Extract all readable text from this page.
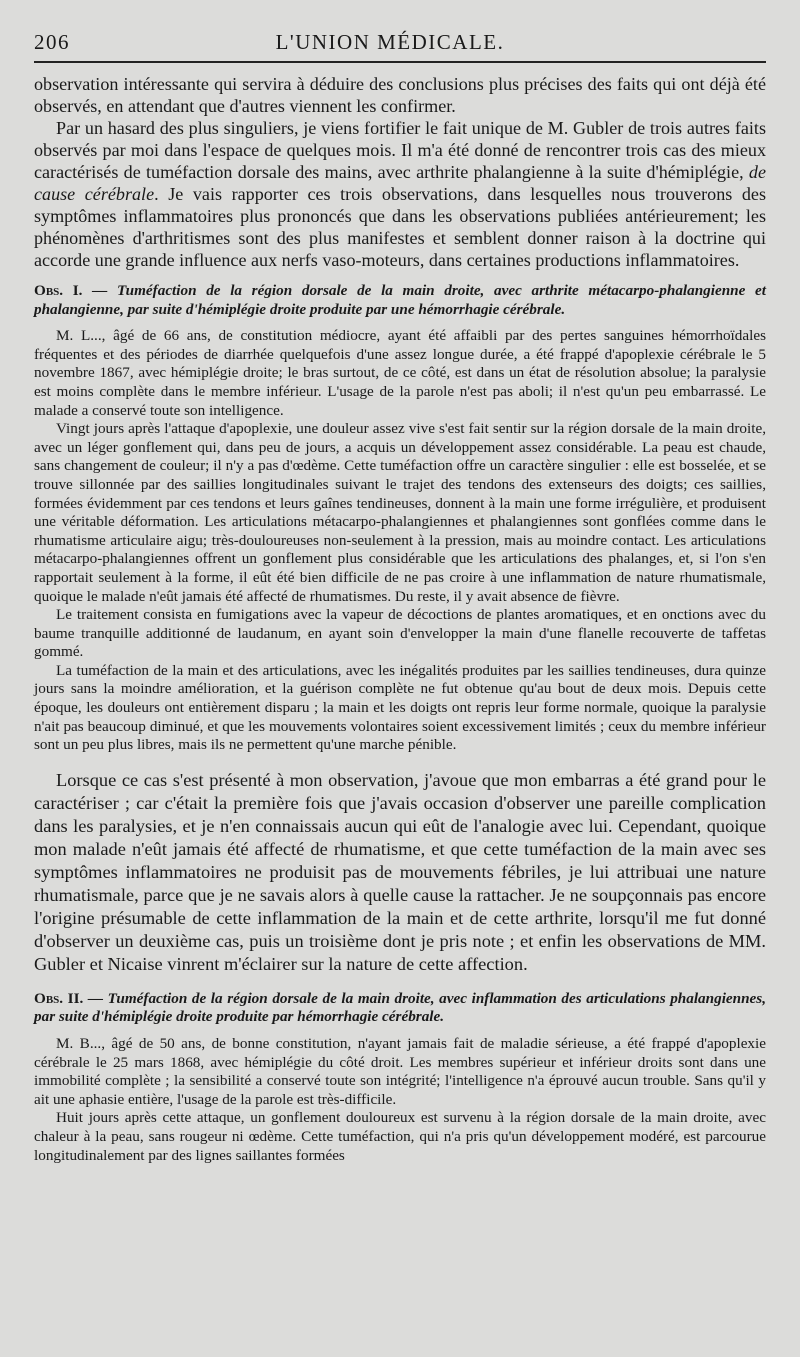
206	L'UNION MÉDICALE.

observation intéressante qui servira à déduire des conclusions plus précises des faits qui ont déjà été observés, en attendant que d'autres viennent les confirmer.

Par un hasard des plus singuliers, je viens fortifier le fait unique de M. Gubler de trois autres faits observés par moi dans l'espace de quelques mois. Il m'a été donné de rencontrer trois cas des mieux caractérisés de tuméfaction dorsale des mains, avec arthrite phalangienne à la suite d'hémiplégie, de cause cérébrale. Je vais rapporter ces trois observations, dans lesquelles nous trouverons des symptômes inflammatoires plus prononcés que dans les observations publiées antérieurement; les phénomènes d'arthritismes sont des plus manifestes et semblent donner raison à la doctrine qui accorde une grande influence aux nerfs vaso-moteurs, dans certaines productions inflammatoires.

Obs. I. — Tuméfaction de la région dorsale de la main droite, avec arthrite métacarpo-phalangienne et phalangienne, par suite d'hémiplégie droite produite par une hémorrhagie cérébrale.

M. L..., âgé de 66 ans, de constitution médiocre, ayant été affaibli par des pertes sanguines hémorrhoïdales fréquentes et des périodes de diarrhée quelquefois d'une assez longue durée, a été frappé d'apoplexie cérébrale le 5 novembre 1867, avec hémiplégie droite; le bras surtout, de ce côté, est dans un état de résolution absolue; la paralysie est moins complète dans le membre inférieur. L'usage de la parole n'est pas aboli; il n'est qu'un peu embarrassé. Le malade a conservé toute son intelligence.

Vingt jours après l'attaque d'apoplexie, une douleur assez vive s'est fait sentir sur la région dorsale de la main droite, avec un léger gonflement qui, dans peu de jours, a acquis un développement assez considérable. La peau est chaude, sans changement de couleur; il n'y a pas d'œdème. Cette tuméfaction offre un caractère singulier : elle est bosselée, et se trouve sillonnée par des saillies longitudinales suivant le trajet des tendons des extenseurs des doigts; ces saillies, formées évidemment par ces tendons et leurs gaînes tendineuses, donnent à la main une forme irrégulière, et produisent une véritable déformation. Les articulations métacarpo-phalangiennes et phalangiennes sont gonflées comme dans le rhumatisme articulaire aigu; très-douloureuses non-seulement à la pression, mais au moindre contact. Les articulations métacarpo-phalangiennes offrent un gonflement plus considérable que les articulations des phalanges, et, si l'on s'en rapportait seulement à la forme, il eût été bien difficile de ne pas croire à une inflammation de nature rhumatismale, quoique le malade n'eût jamais été affecté de rhumatismes. Du reste, il y avait absence de fièvre.

Le traitement consista en fumigations avec la vapeur de décoctions de plantes aromatiques, et en onctions avec du baume tranquille additionné de laudanum, en ayant soin d'envelopper la main d'une flanelle recouverte de taffetas gommé.

La tuméfaction de la main et des articulations, avec les inégalités produites par les saillies tendineuses, dura quinze jours sans la moindre amélioration, et la guérison complète ne fut obtenue qu'au bout de deux mois. Depuis cette époque, les douleurs ont entièrement disparu ; la main et les doigts ont repris leur forme normale, quoique la paralysie n'ait pas beaucoup diminué, et que les mouvements volontaires soient excessivement limités ; ceux du membre inférieur sont un peu plus libres, mais ils ne permettent qu'une marche pénible.

Lorsque ce cas s'est présenté à mon observation, j'avoue que mon embarras a été grand pour le caractériser ; car c'était la première fois que j'avais occasion d'observer une pareille complication dans les paralysies, et je n'en connaissais aucun qui eût de l'analogie avec lui. Cependant, quoique mon malade n'eût jamais été affecté de rhumatisme, et que cette tuméfaction de la main avec ses symptômes inflammatoires ne produisit pas de mouvements fébriles, je lui attribuai une nature rhumatismale, parce que je ne savais alors à quelle cause la rattacher. Je ne soupçonnais pas encore l'origine présumable de cette inflammation de la main et de cette arthrite, lorsqu'il me fut donné d'observer un deuxième cas, puis un troisième dont je pris note ; et enfin les observations de MM. Gubler et Nicaise vinrent m'éclairer sur la nature de cette affection.

Obs. II. — Tuméfaction de la région dorsale de la main droite, avec inflammation des articulations phalangiennes, par suite d'hémiplégie droite produite par hémorrhagie cérébrale.

M. B..., âgé de 50 ans, de bonne constitution, n'ayant jamais fait de maladie sérieuse, a été frappé d'apoplexie cérébrale le 25 mars 1868, avec hémiplégie du côté droit. Les membres supérieur et inférieur droits sont dans une immobilité complète ; la sensibilité a conservé toute son intégrité; l'intelligence n'a éprouvé aucun trouble. Sans qu'il y ait une aphasie entière, l'usage de la parole est très-difficile.

Huit jours après cette attaque, un gonflement douloureux est survenu à la région dorsale de la main droite, avec chaleur à la peau, sans rougeur ni œdème. Cette tuméfaction, qui n'a pris qu'un développement modéré, est parcourue longitudinalement par des lignes saillantes formées
